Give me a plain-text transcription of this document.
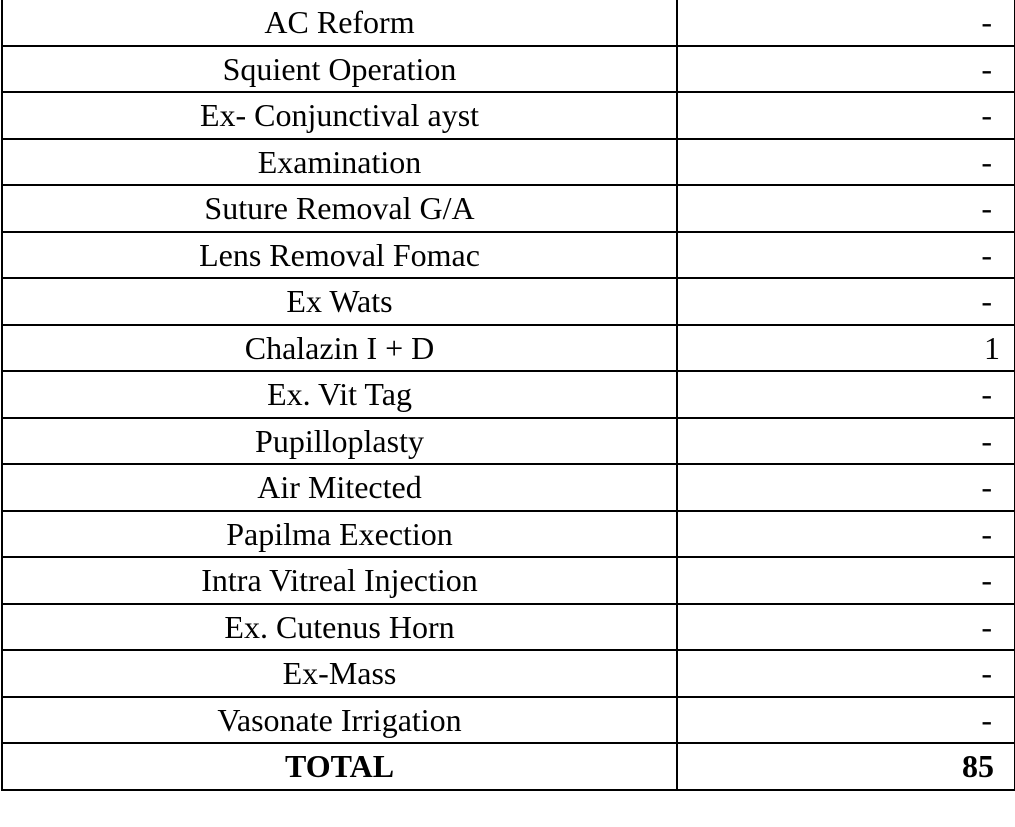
AC Reform	-
Squient Operation	-
Ex- Conjunctival ayst	-
Examination	-
Suture Removal G/A	-
Lens Removal Fomac	-
Ex Wats	-
Chalazin I + D	1
Ex. Vit Tag	-
Pupilloplasty	-
Air Mitected	-
Papilma Exection	-
Intra Vitreal Injection	-
Ex. Cutenus Horn	-
Ex-Mass	-
Vasonate Irrigation	-
TOTAL	85
